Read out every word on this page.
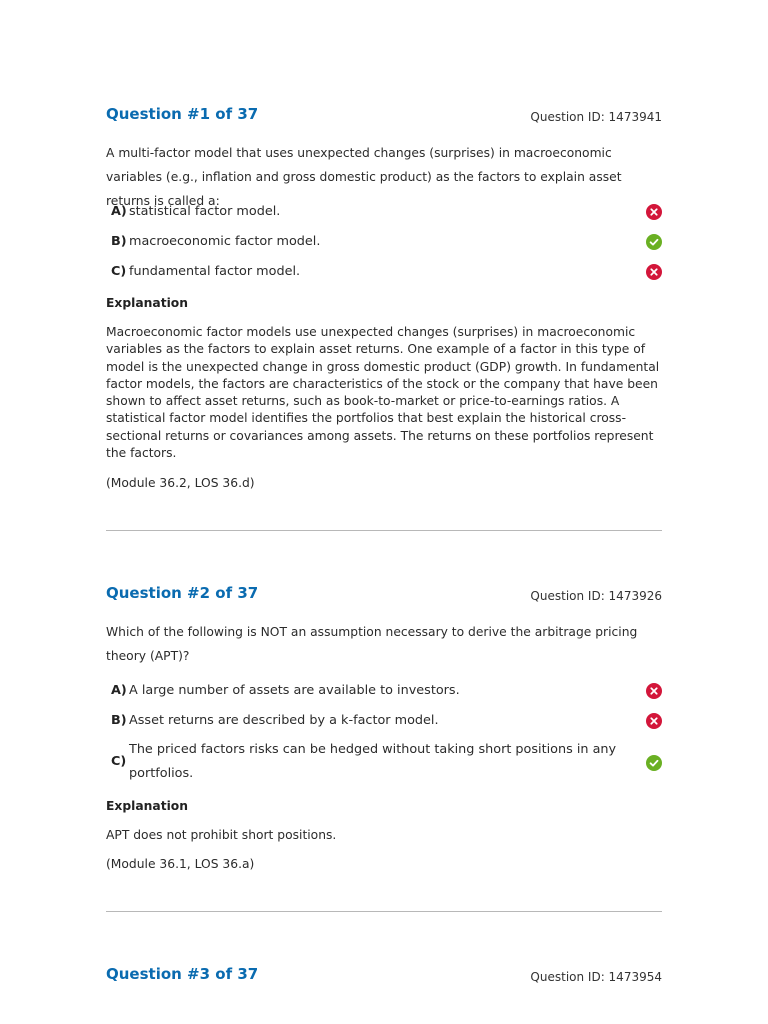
Question #1 of 37	Question ID: 1473941
A multi-factor model that uses unexpected changes (surprises) in macroeconomic variables (e.g., inflation and gross domestic product) as the factors to explain asset returns is called a:
A) statistical factor model.
B) macroeconomic factor model.
C) fundamental factor model.
Explanation
Macroeconomic factor models use unexpected changes (surprises) in macroeconomic variables as the factors to explain asset returns. One example of a factor in this type of model is the unexpected change in gross domestic product (GDP) growth. In fundamental factor models, the factors are characteristics of the stock or the company that have been shown to affect asset returns, such as book-to-market or price-to-earnings ratios. A statistical factor model identifies the portfolios that best explain the historical cross-sectional returns or covariances among assets. The returns on these portfolios represent the factors.
(Module 36.2, LOS 36.d)
Question #2 of 37	Question ID: 1473926
Which of the following is NOT an assumption necessary to derive the arbitrage pricing theory (APT)?
A) A large number of assets are available to investors.
B) Asset returns are described by a k-factor model.
C)
The priced factors risks can be hedged without taking short positions in any portfolios.
Explanation
APT does not prohibit short positions.
(Module 36.1, LOS 36.a)
Question #3 of 37	Question ID: 1473954
